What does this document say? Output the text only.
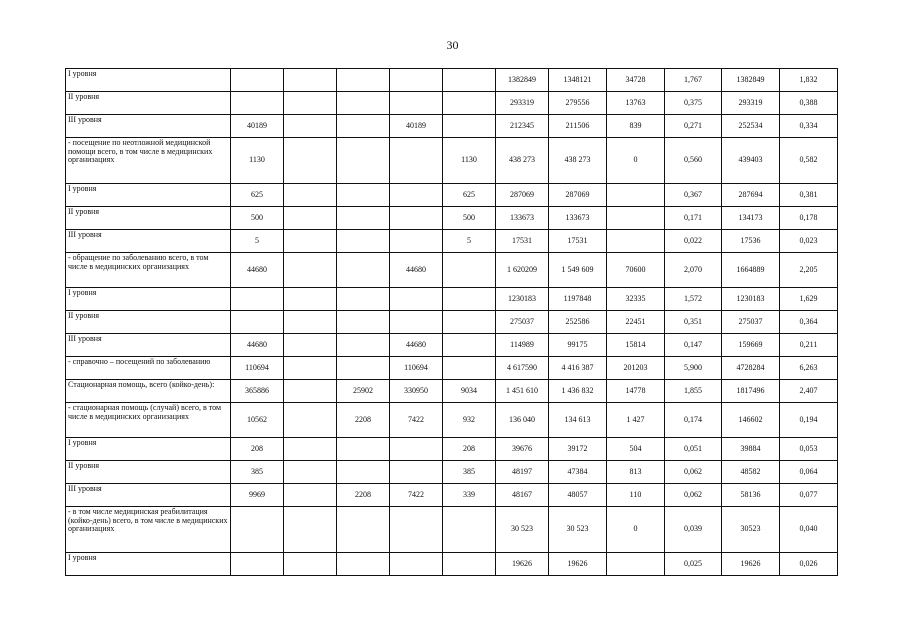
30
I уровня						1382849	1348121	34728	1,767	1382849	1,832
II уровня						293319	279556	13763	0,375	293319	0,388
III уровня	40189			40189		212345	211506	839	0,271	252534	0,334
- посещение по неотложной медицинской помощи всего, в том числе в медицинских организациях	1130				1130	438 273	438 273	0	0,560	439403	0,582
I уровня	625				625	287069	287069		0,367	287694	0,381
II уровня	500				500	133673	133673		0,171	134173	0,178
III уровня	5				5	17531	17531		0,022	17536	0,023
- обращение по заболеванию всего, в том числе в медицинских организациях	44680			44680		1 620209	1 549 609	70600	2,070	1664889	2,205
I уровня						1230183	1197848	32335	1,572	1230183	1,629
II уровня						275037	252586	22451	0,351	275037	0,364
III уровня	44680			44680		114989	99175	15814	0,147	159669	0,211
- справочно – посещений по заболеванию	110694			110694		4 617590	4 416 387	201203	5,900	4728284	6,263
Стационарная помощь, всего (койко-день):	365886		25902	330950	9034	1 451 610	1 436 832	14778	1,855	1817496	2,407
- стационарная помощь (случай) всего, в том числе в медицинских организациях	10562		2208	7422	932	136 040	134 613	1 427	0,174	146602	0,194
I уровня	208				208	39676	39172	504	0,051	39884	0,053
II уровня	385				385	48197	47384	813	0,062	48582	0,064
III уровня	9969		2208	7422	339	48167	48057	110	0,062	58136	0,077
- в том числе медицинская реабилитация (койко-день) всего, в том числе в медицинских организациях						30 523	30 523	0	0,039	30523	0,040
I уровня						19626	19626		0,025	19626	0,026
